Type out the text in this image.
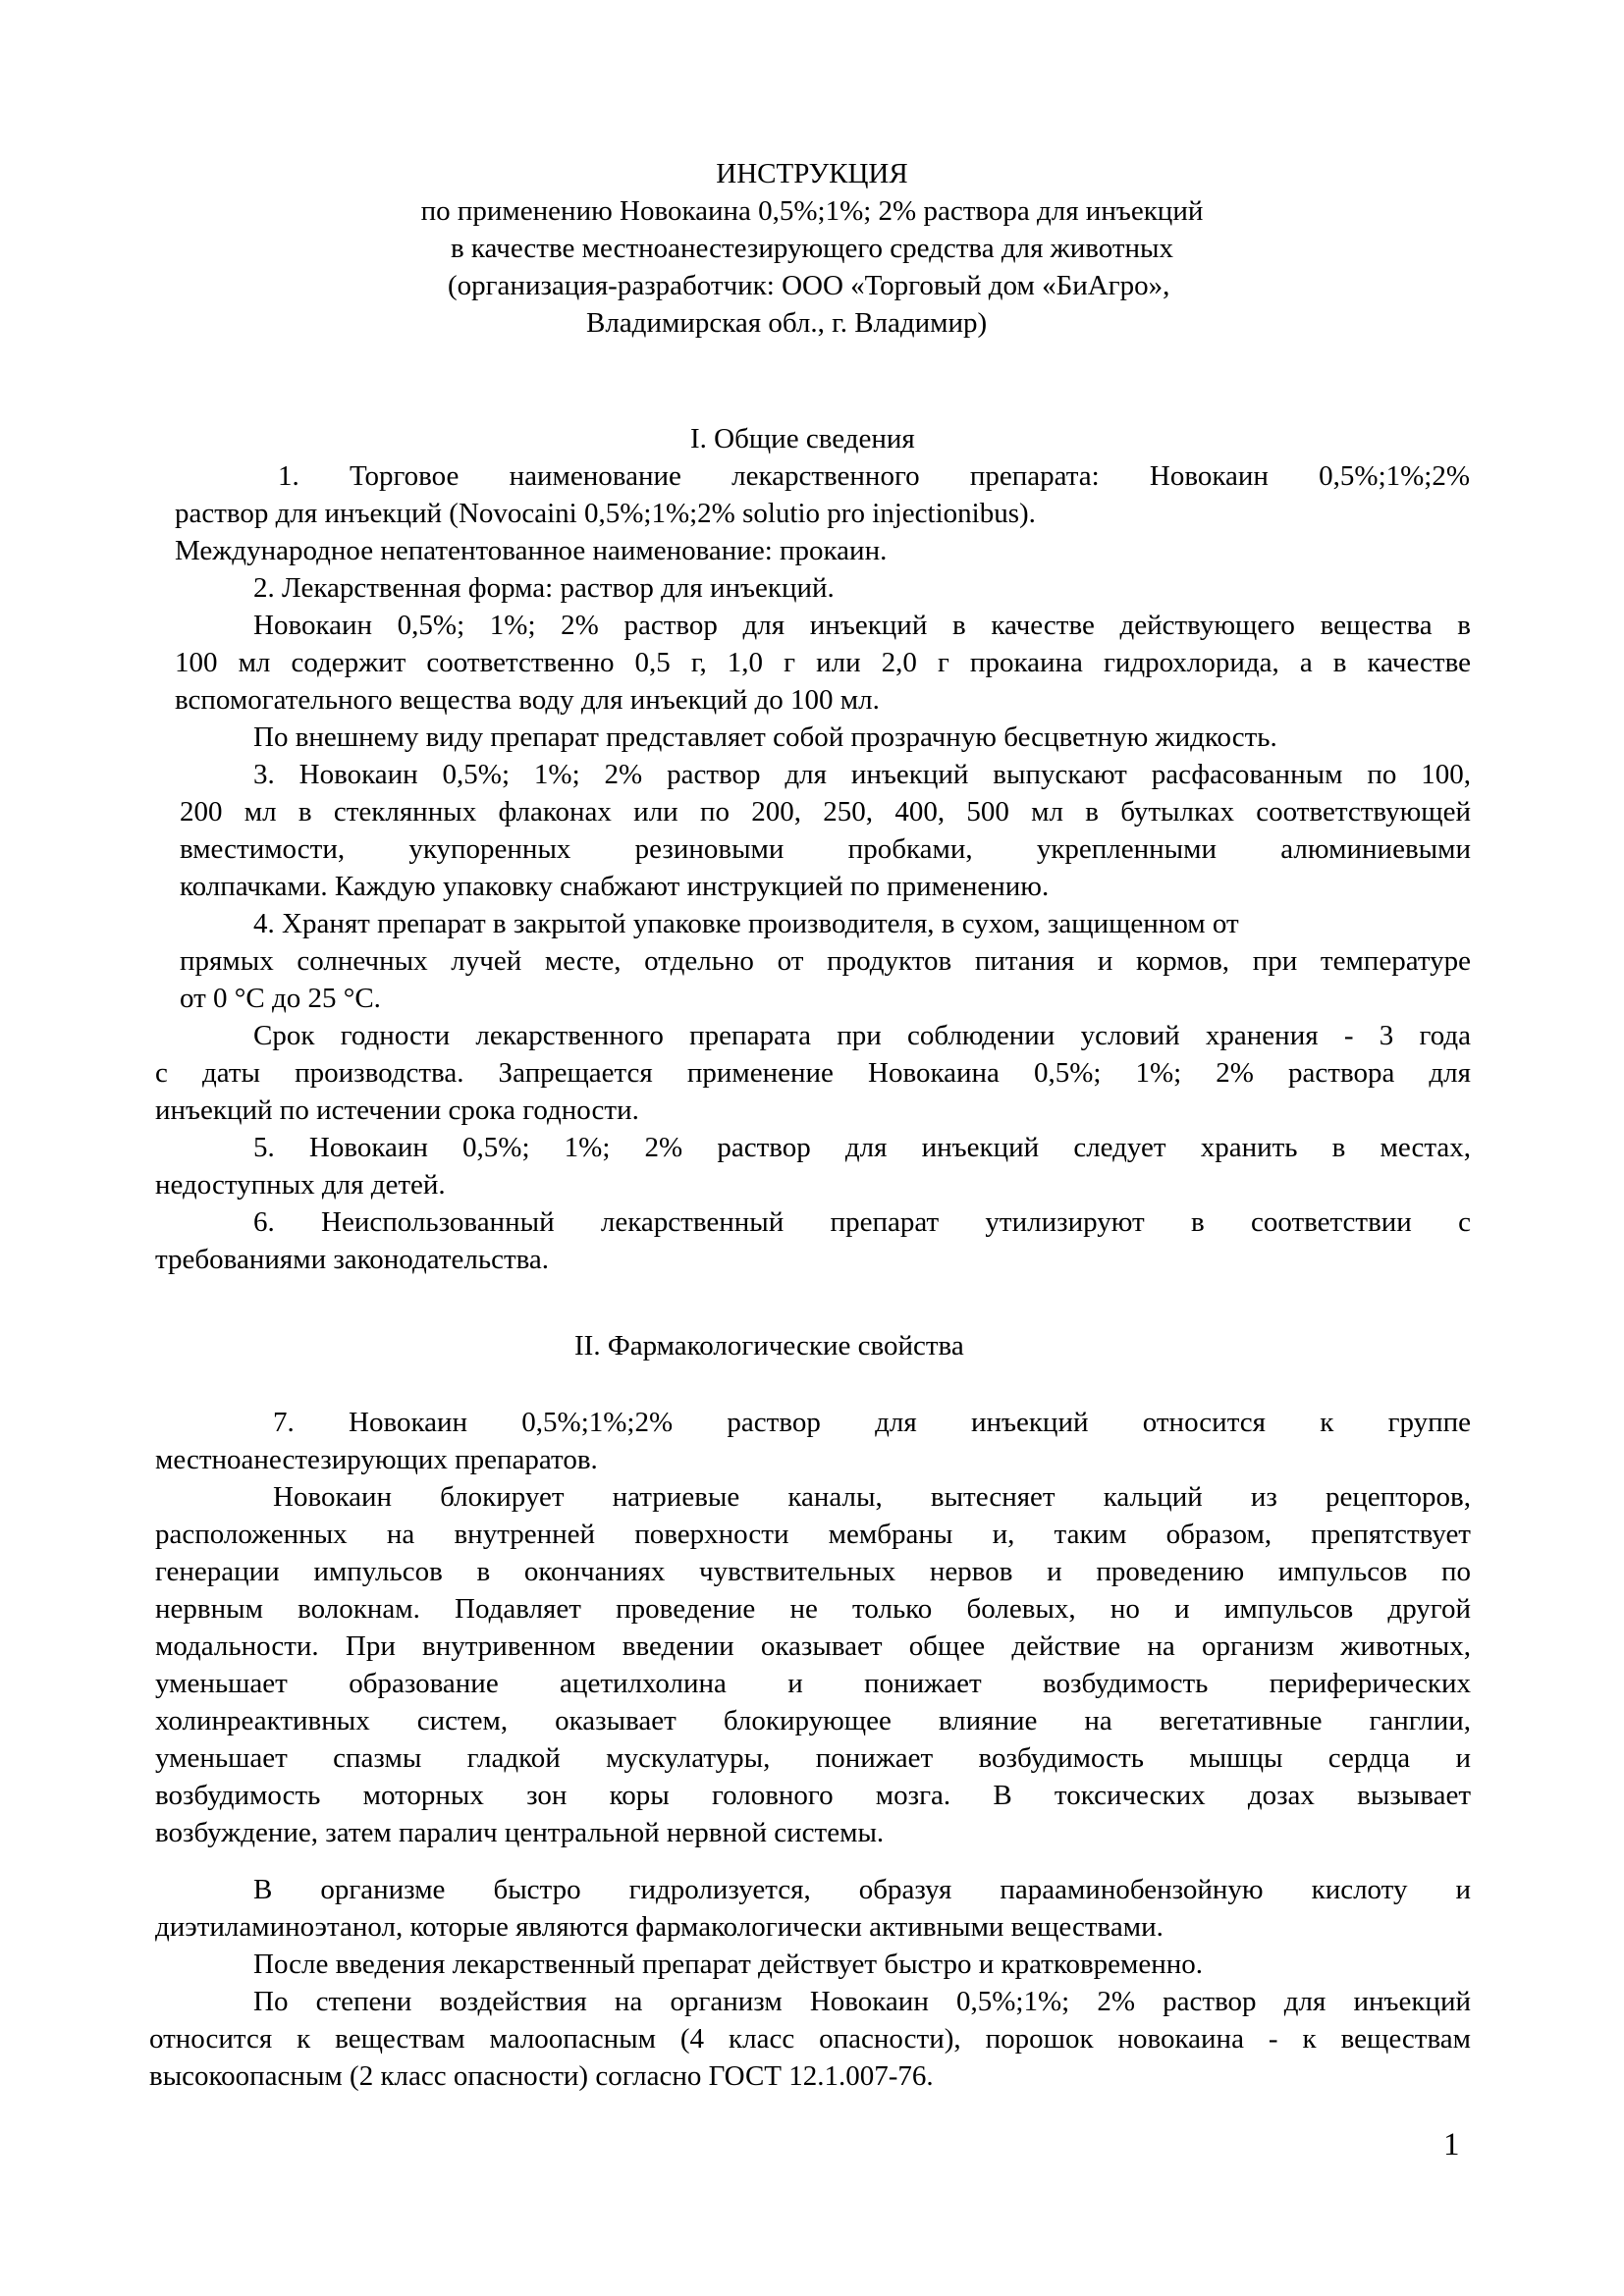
ИНСТРУКЦИЯ
по применению Новокаина 0,5%;1%; 2% раствора для инъекций
в качестве местноанестезирующего средства для животных
(организация-разработчик: ООО «Торговый дом «БиАгро»,
Владимирская обл., г. Владимир)
I. Общие сведения
1. Торговое наименование лекарственного препарата: Новокаин 0,5%;1%;2%
раствор для инъекций (Novocaini 0,5%;1%;2% solutio pro injectionibus).
Международное непатентованное наименование: прокаин.
2. Лекарственная форма: раствор для инъекций.
Новокаин 0,5%; 1%; 2% раствор для инъекций в качестве действующего вещества в
100 мл содержит соответственно 0,5 г, 1,0 г или 2,0 г прокаина гидрохлорида, а в качестве
вспомогательного вещества воду для инъекций до 100 мл.
По внешнему виду препарат представляет собой прозрачную бесцветную жидкость.
3. Новокаин 0,5%; 1%; 2% раствор для инъекций выпускают расфасованным по 100,
200 мл в стеклянных флаконах или по 200, 250, 400, 500 мл в бутылках соответствующей
вместимости, укупоренных резиновыми пробками, укрепленными алюминиевыми
колпачками. Каждую упаковку снабжают инструкцией по применению.
4. Хранят препарат в закрытой упаковке производителя, в сухом, защищенном от
прямых солнечных лучей месте, отдельно от продуктов питания и кормов, при температуре
от 0 °С до 25 °С.
Срок годности лекарственного препарата при соблюдении условий хранения - 3 года
с даты производства. Запрещается применение Новокаина 0,5%; 1%; 2% раствора для
инъекций по истечении срока годности.
5. Новокаин 0,5%; 1%; 2% раствор для инъекций следует хранить в местах,
недоступных для детей.
6. Неиспользованный лекарственный препарат утилизируют в соответствии с
требованиями законодательства.
II. Фармакологические свойства
7. Новокаин 0,5%;1%;2% раствор для инъекций относится к группе
местноанестезирующих препаратов.
Новокаин блокирует натриевые каналы, вытесняет кальций из рецепторов,
расположенных на внутренней поверхности мембраны и, таким образом, препятствует
генерации импульсов в окончаниях чувствительных нервов и проведению импульсов по
нервным волокнам. Подавляет проведение не только болевых, но и импульсов другой
модальности. При внутривенном введении оказывает общее действие на организм животных,
уменьшает образование ацетилхолина и понижает возбудимость периферических
холинреактивных систем, оказывает блокирующее влияние на вегетативные ганглии,
уменьшает спазмы гладкой мускулатуры, понижает возбудимость мышцы сердца и
возбудимость моторных зон коры головного мозга. В токсических дозах вызывает
возбуждение, затем паралич центральной нервной системы.
В организме быстро гидролизуется, образуя парааминобензойную кислоту и
диэтиламиноэтанол, которые являются фармакологически активными веществами.
После введения лекарственный препарат действует быстро и кратковременно.
По степени воздействия на организм Новокаин 0,5%;1%; 2% раствор для инъекций
относится к веществам малоопасным (4 класс опасности), порошок новокаина - к веществам
высокоопасным (2 класс опасности) согласно ГОСТ 12.1.007-76.
1
